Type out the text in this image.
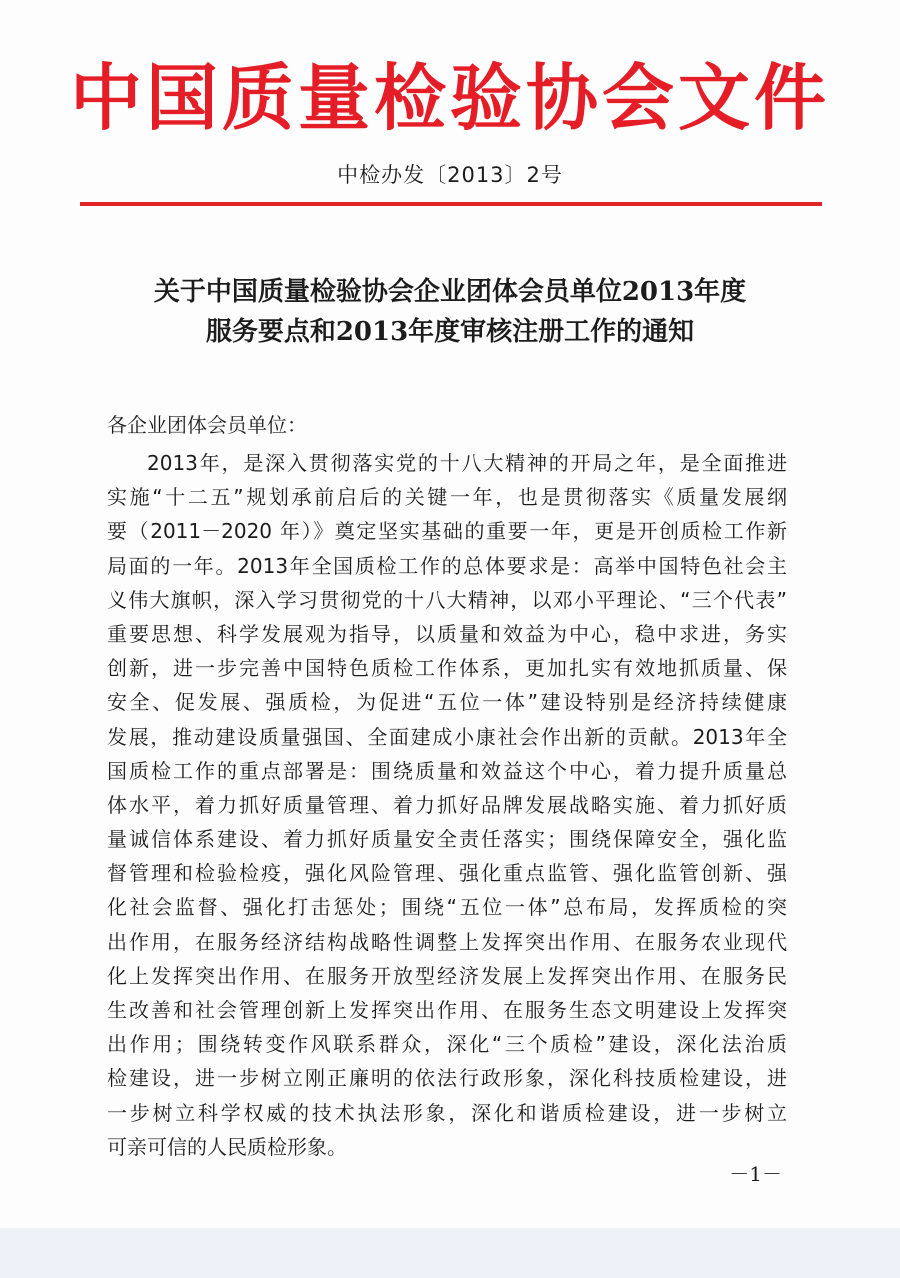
中国质量检验协会文件
中检办发〔2013〕2号
关于中国质量检验协会企业团体会员单位2013年度
服务要点和2013年度审核注册工作的通知
各企业团体会员单位：
2013年，是深入贯彻落实党的十八大精神的开局之年，是全面推进
实施“十二五”规划承前启后的关键一年，也是贯彻落实《质量发展纲
要（2011－2020 年）》奠定坚实基础的重要一年，更是开创质检工作新
局面的一年。2013年全国质检工作的总体要求是：高举中国特色社会主
义伟大旗帜，深入学习贯彻党的十八大精神，以邓小平理论、“三个代表”
重要思想、科学发展观为指导，以质量和效益为中心，稳中求进，务实
创新，进一步完善中国特色质检工作体系，更加扎实有效地抓质量、保
安全、促发展、强质检，为促进“五位一体”建设特别是经济持续健康
发展，推动建设质量强国、全面建成小康社会作出新的贡献。2013年全
国质检工作的重点部署是：围绕质量和效益这个中心，着力提升质量总
体水平，着力抓好质量管理、着力抓好品牌发展战略实施、着力抓好质
量诚信体系建设、着力抓好质量安全责任落实；围绕保障安全，强化监
督管理和检验检疫，强化风险管理、强化重点监管、强化监管创新、强
化社会监督、强化打击惩处；围绕“五位一体”总布局，发挥质检的突
出作用，在服务经济结构战略性调整上发挥突出作用、在服务农业现代
化上发挥突出作用、在服务开放型经济发展上发挥突出作用、在服务民
生改善和社会管理创新上发挥突出作用、在服务生态文明建设上发挥突
出作用；围绕转变作风联系群众，深化“三个质检”建设，深化法治质
检建设，进一步树立刚正廉明的依法行政形象，深化科技质检建设，进
一步树立科学权威的技术执法形象，深化和谐质检建设，进一步树立
可亲可信的人民质检形象。
－1－
